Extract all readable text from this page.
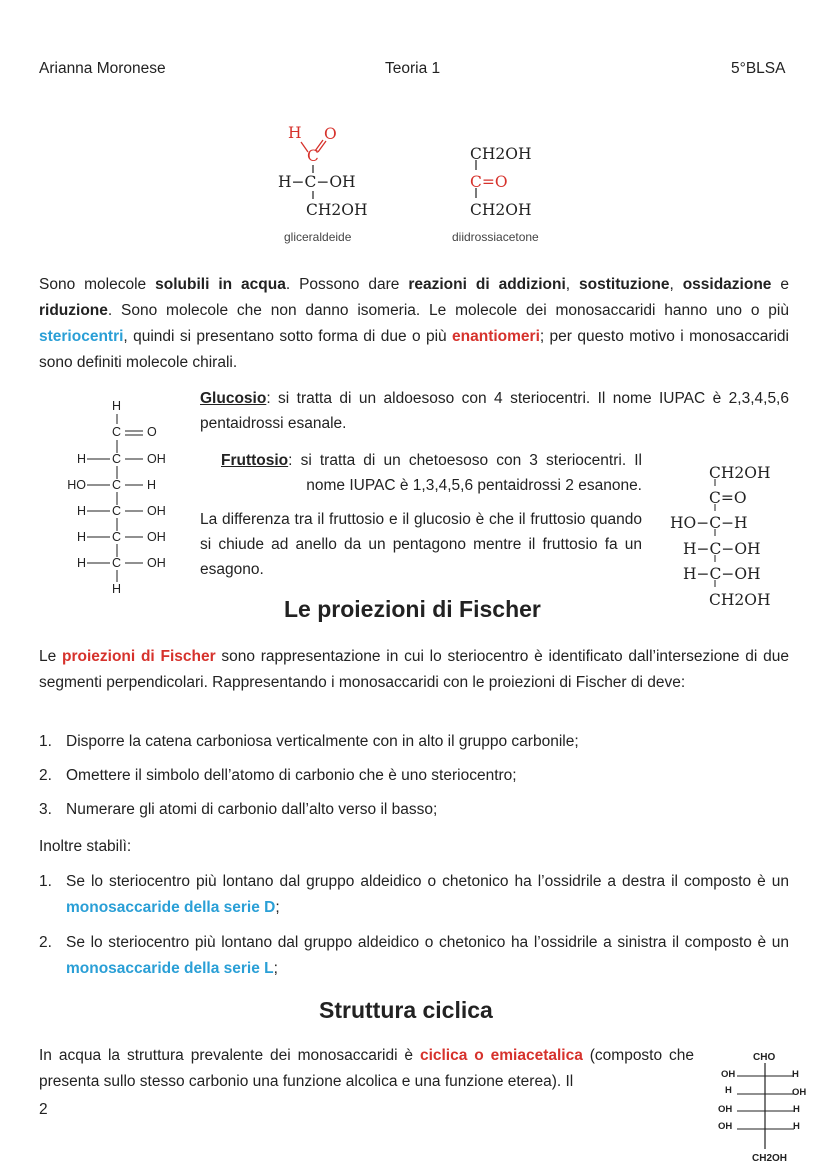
Arianna Moronese	Teoria 1	5°BLSA
H O
C
H−C−OH
CH2OH
gliceraldeide
CH2OH
C=O
CH2OH
diidrossiacetone
Sono molecole solubili in acqua. Possono dare reazioni di addizioni, sostituzione, ossidazione e riduzione. Sono molecole che non danno isomeria. Le molecole dei monosaccaridi hanno uno o più steriocentri, quindi si presentano sotto forma di due o più enantiomeri; per questo motivo i monosaccaridi sono definiti molecole chirali.
H
C O
H C OH
HO C H
H C OH
H C OH
H C OH
H
Glucosio: si tratta di un aldoesoso con 4 steriocentri. Il nome IUPAC è 2,3,4,5,6 pentaidrossi esanale.
Fruttosio: si tratta di un chetoesoso con 3 steriocentri. Il nome IUPAC è 1,3,4,5,6 pentaidrossi 2 esanone.
La differenza tra il fruttosio e il glucosio è che il fruttosio quando si chiude ad anello da un pentagono mentre il fruttosio fa un esagono.
CH2OH
C=O
HO−C−H
H−C−OH
H−C−OH
CH2OH
Le proiezioni di Fischer
Le proiezioni di Fischer sono rappresentazione in cui lo steriocentro è identificato dall’intersezione di due segmenti perpendicolari. Rappresentando i monosaccaridi con le proiezioni di Fischer di deve:
1. Disporre la catena carboniosa verticalmente con in alto il gruppo carbonile;
2. Omettere il simbolo dell’atomo di carbonio che è uno steriocentro;
3. Numerare gli atomi di carbonio dall’alto verso il basso;
Inoltre stabilì:
1. Se lo steriocentro più lontano dal gruppo aldeidico o chetonico ha l’ossidrile a destra il composto è un monosaccaride della serie D;
2. Se lo steriocentro più lontano dal gruppo aldeidico o chetonico ha l’ossidrile a sinistra il composto è un monosaccaride della serie L;
Struttura ciclica
In acqua la struttura prevalente dei monosaccaridi è ciclica o emiacetalica (composto che presenta sullo stesso carbonio una funzione alcolica e una funzione eterea). Il
2
CHO
OH	H
H	OH
OH	H
OH	H
CH2OH
